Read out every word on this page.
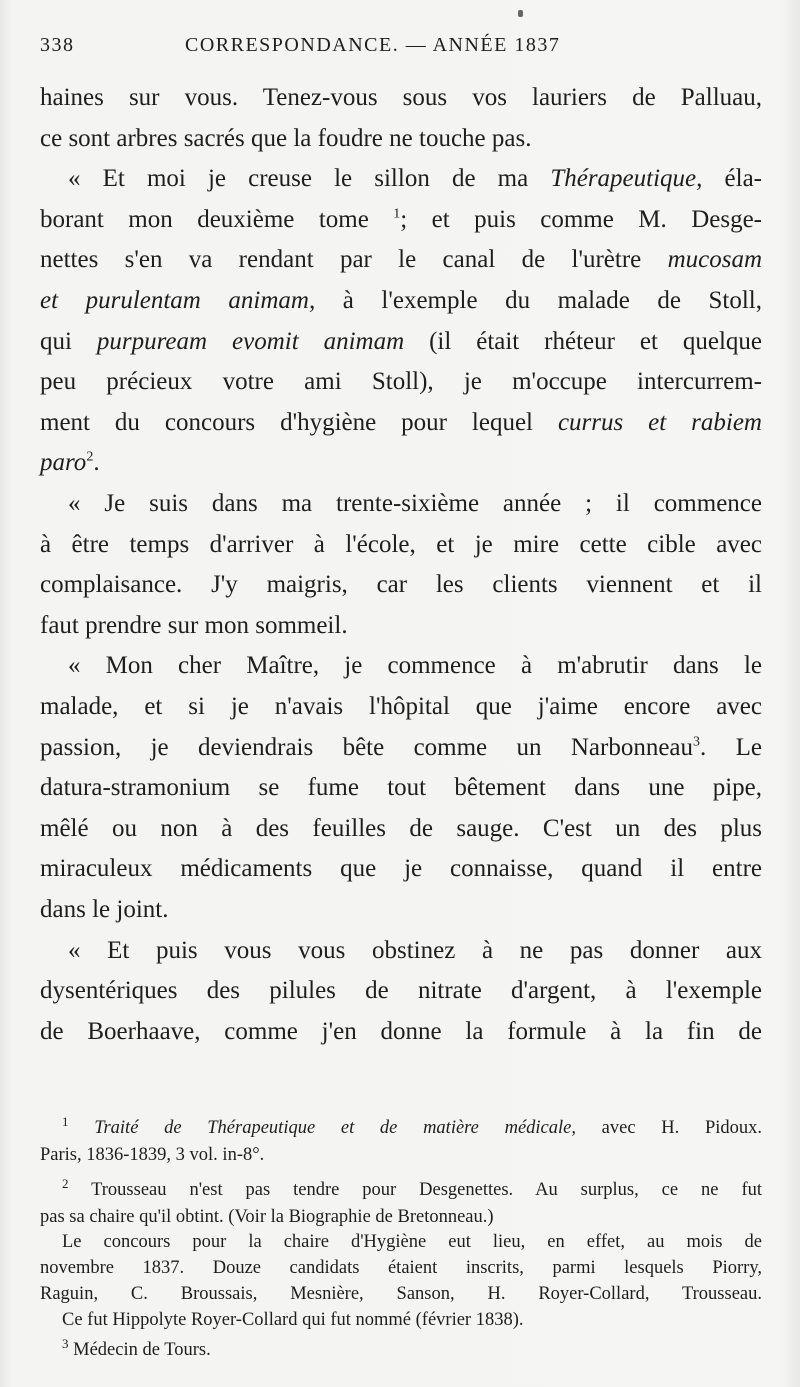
338	CORRESPONDANCE. — ANNÉE 1837
haines sur vous. Tenez-vous sous vos lauriers de Palluau,
ce sont arbres sacrés que la foudre ne touche pas.
« Et moi je creuse le sillon de ma Thérapeutique, éla-
borant mon deuxième tome $^1$; et puis comme M. Desge-
nettes s'en va rendant par le canal de l'urètre mucosam
et purulentam animam, à l'exemple du malade de Stoll,
qui purpuream evomit animam (il était rhéteur et quelque
peu précieux votre ami Stoll), je m'occupe intercurrem-
ment du concours d'hygiène pour lequel currus et rabiem
paro$^2$.
« Je suis dans ma trente-sixième année ; il commence
à être temps d'arriver à l'école, et je mire cette cible avec
complaisance. J'y maigris, car les clients viennent et il
faut prendre sur mon sommeil.
« Mon cher Maître, je commence à m'abrutir dans le
malade, et si je n'avais l'hôpital que j'aime encore avec
passion, je deviendrais bête comme un Narbonneau$^3$. Le
datura-stramonium se fume tout bêtement dans une pipe,
mêlé ou non à des feuilles de sauge. C'est un des plus
miraculeux médicaments que je connaisse, quand il entre
dans le joint.
« Et puis vous vous obstinez à ne pas donner aux
dysentériques des pilules de nitrate d'argent, à l'exemple
de Boerhaave, comme j'en donne la formule à la fin de
$^1$ Traité de Thérapeutique et de matière médicale, avec H. Pidoux.
Paris, 1836-1839, 3 vol. in-8°.
$^2$ Trousseau n'est pas tendre pour Desgenettes. Au surplus, ce ne fut
pas sa chaire qu'il obtint. (Voir la Biographie de Bretonneau.)
Le concours pour la chaire d'Hygiène eut lieu, en effet, au mois de
novembre 1837. Douze candidats étaient inscrits, parmi lesquels Piorry,
Raguin, C. Broussais, Mesnière, Sanson, H. Royer-Collard, Trousseau.
Ce fut Hippolyte Royer-Collard qui fut nommé (février 1838).
$^3$ Médecin de Tours.
